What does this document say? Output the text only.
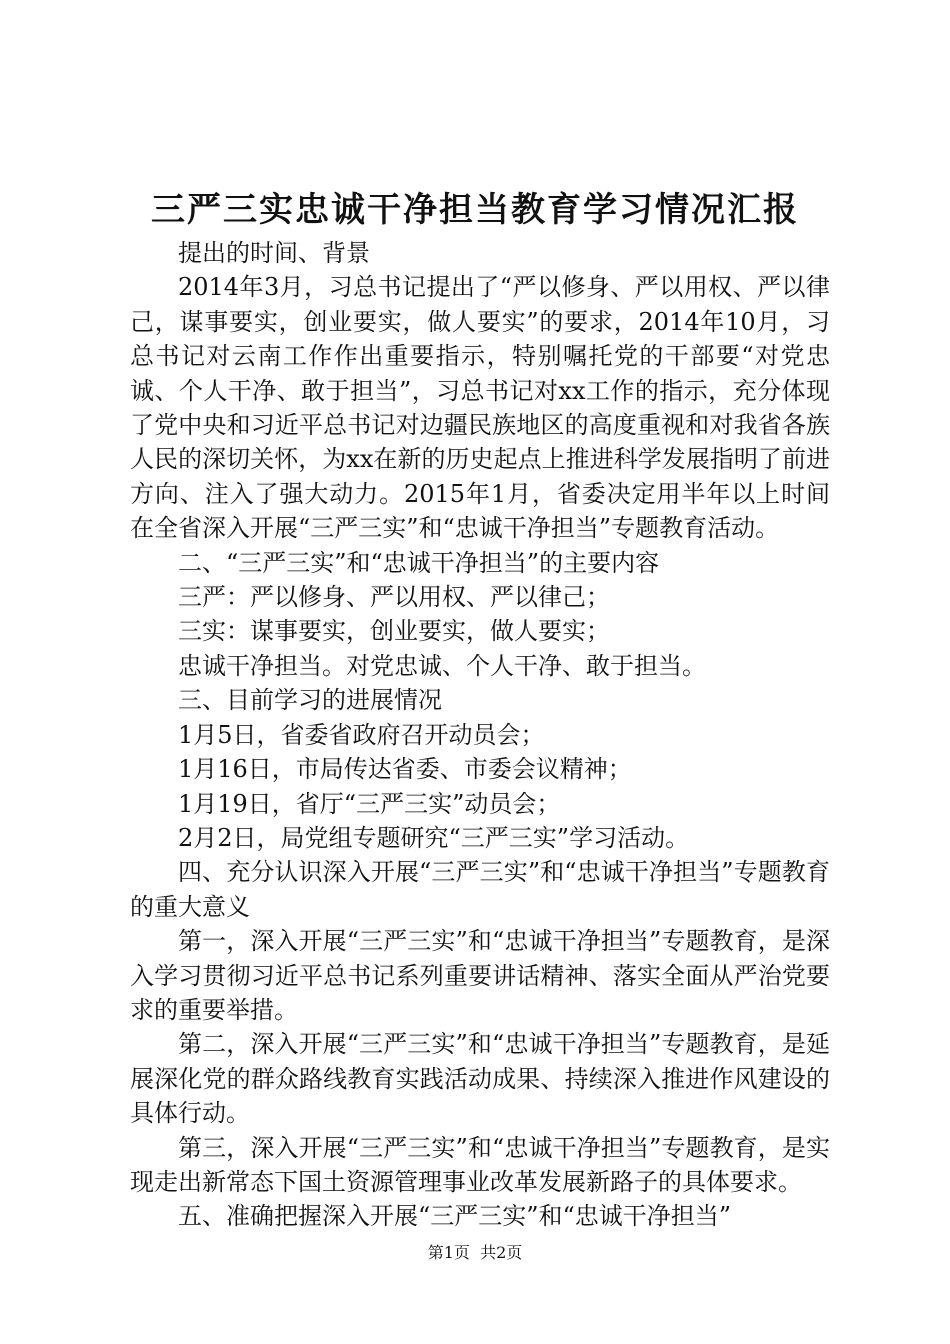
三严三实忠诚干净担当教育学习情况汇报

提出的时间、背景

2014年3月，习总书记提出了“严以修身、严以用权、严以律己，谋事要实，创业要实，做人要实”的要求，2014年10月，习总书记对云南工作作出重要指示，特别嘱托党的干部要“对党忠诚、个人干净、敢于担当”，习总书记对xx工作的指示，充分体现了党中央和习近平总书记对边疆民族地区的高度重视和对我省各族人民的深切关怀，为xx在新的历史起点上推进科学发展指明了前进方向、注入了强大动力。2015年1月，省委决定用半年以上时间在全省深入开展“三严三实”和“忠诚干净担当”专题教育活动。

二、“三严三实”和“忠诚干净担当”的主要内容

三严：严以修身、严以用权、严以律己；

三实：谋事要实，创业要实，做人要实；

忠诚干净担当。对党忠诚、个人干净、敢于担当。

三、目前学习的进展情况

1月5日，省委省政府召开动员会；

1月16日，市局传达省委、市委会议精神；

1月19日，省厅“三严三实”动员会；

2月2日，局党组专题研究“三严三实”学习活动。

四、充分认识深入开展“三严三实”和“忠诚干净担当”专题教育的重大意义

第一，深入开展“三严三实”和“忠诚干净担当”专题教育，是深入学习贯彻习近平总书记系列重要讲话精神、落实全面从严治党要求的重要举措。

第二，深入开展“三严三实”和“忠诚干净担当”专题教育，是延展深化党的群众路线教育实践活动成果、持续深入推进作风建设的具体行动。

第三，深入开展“三严三实”和“忠诚干净担当”专题教育，是实现走出新常态下国土资源管理事业改革发展新路子的具体要求。

五、准确把握深入开展“三严三实”和“忠诚干净担当”

第1页 共2页
